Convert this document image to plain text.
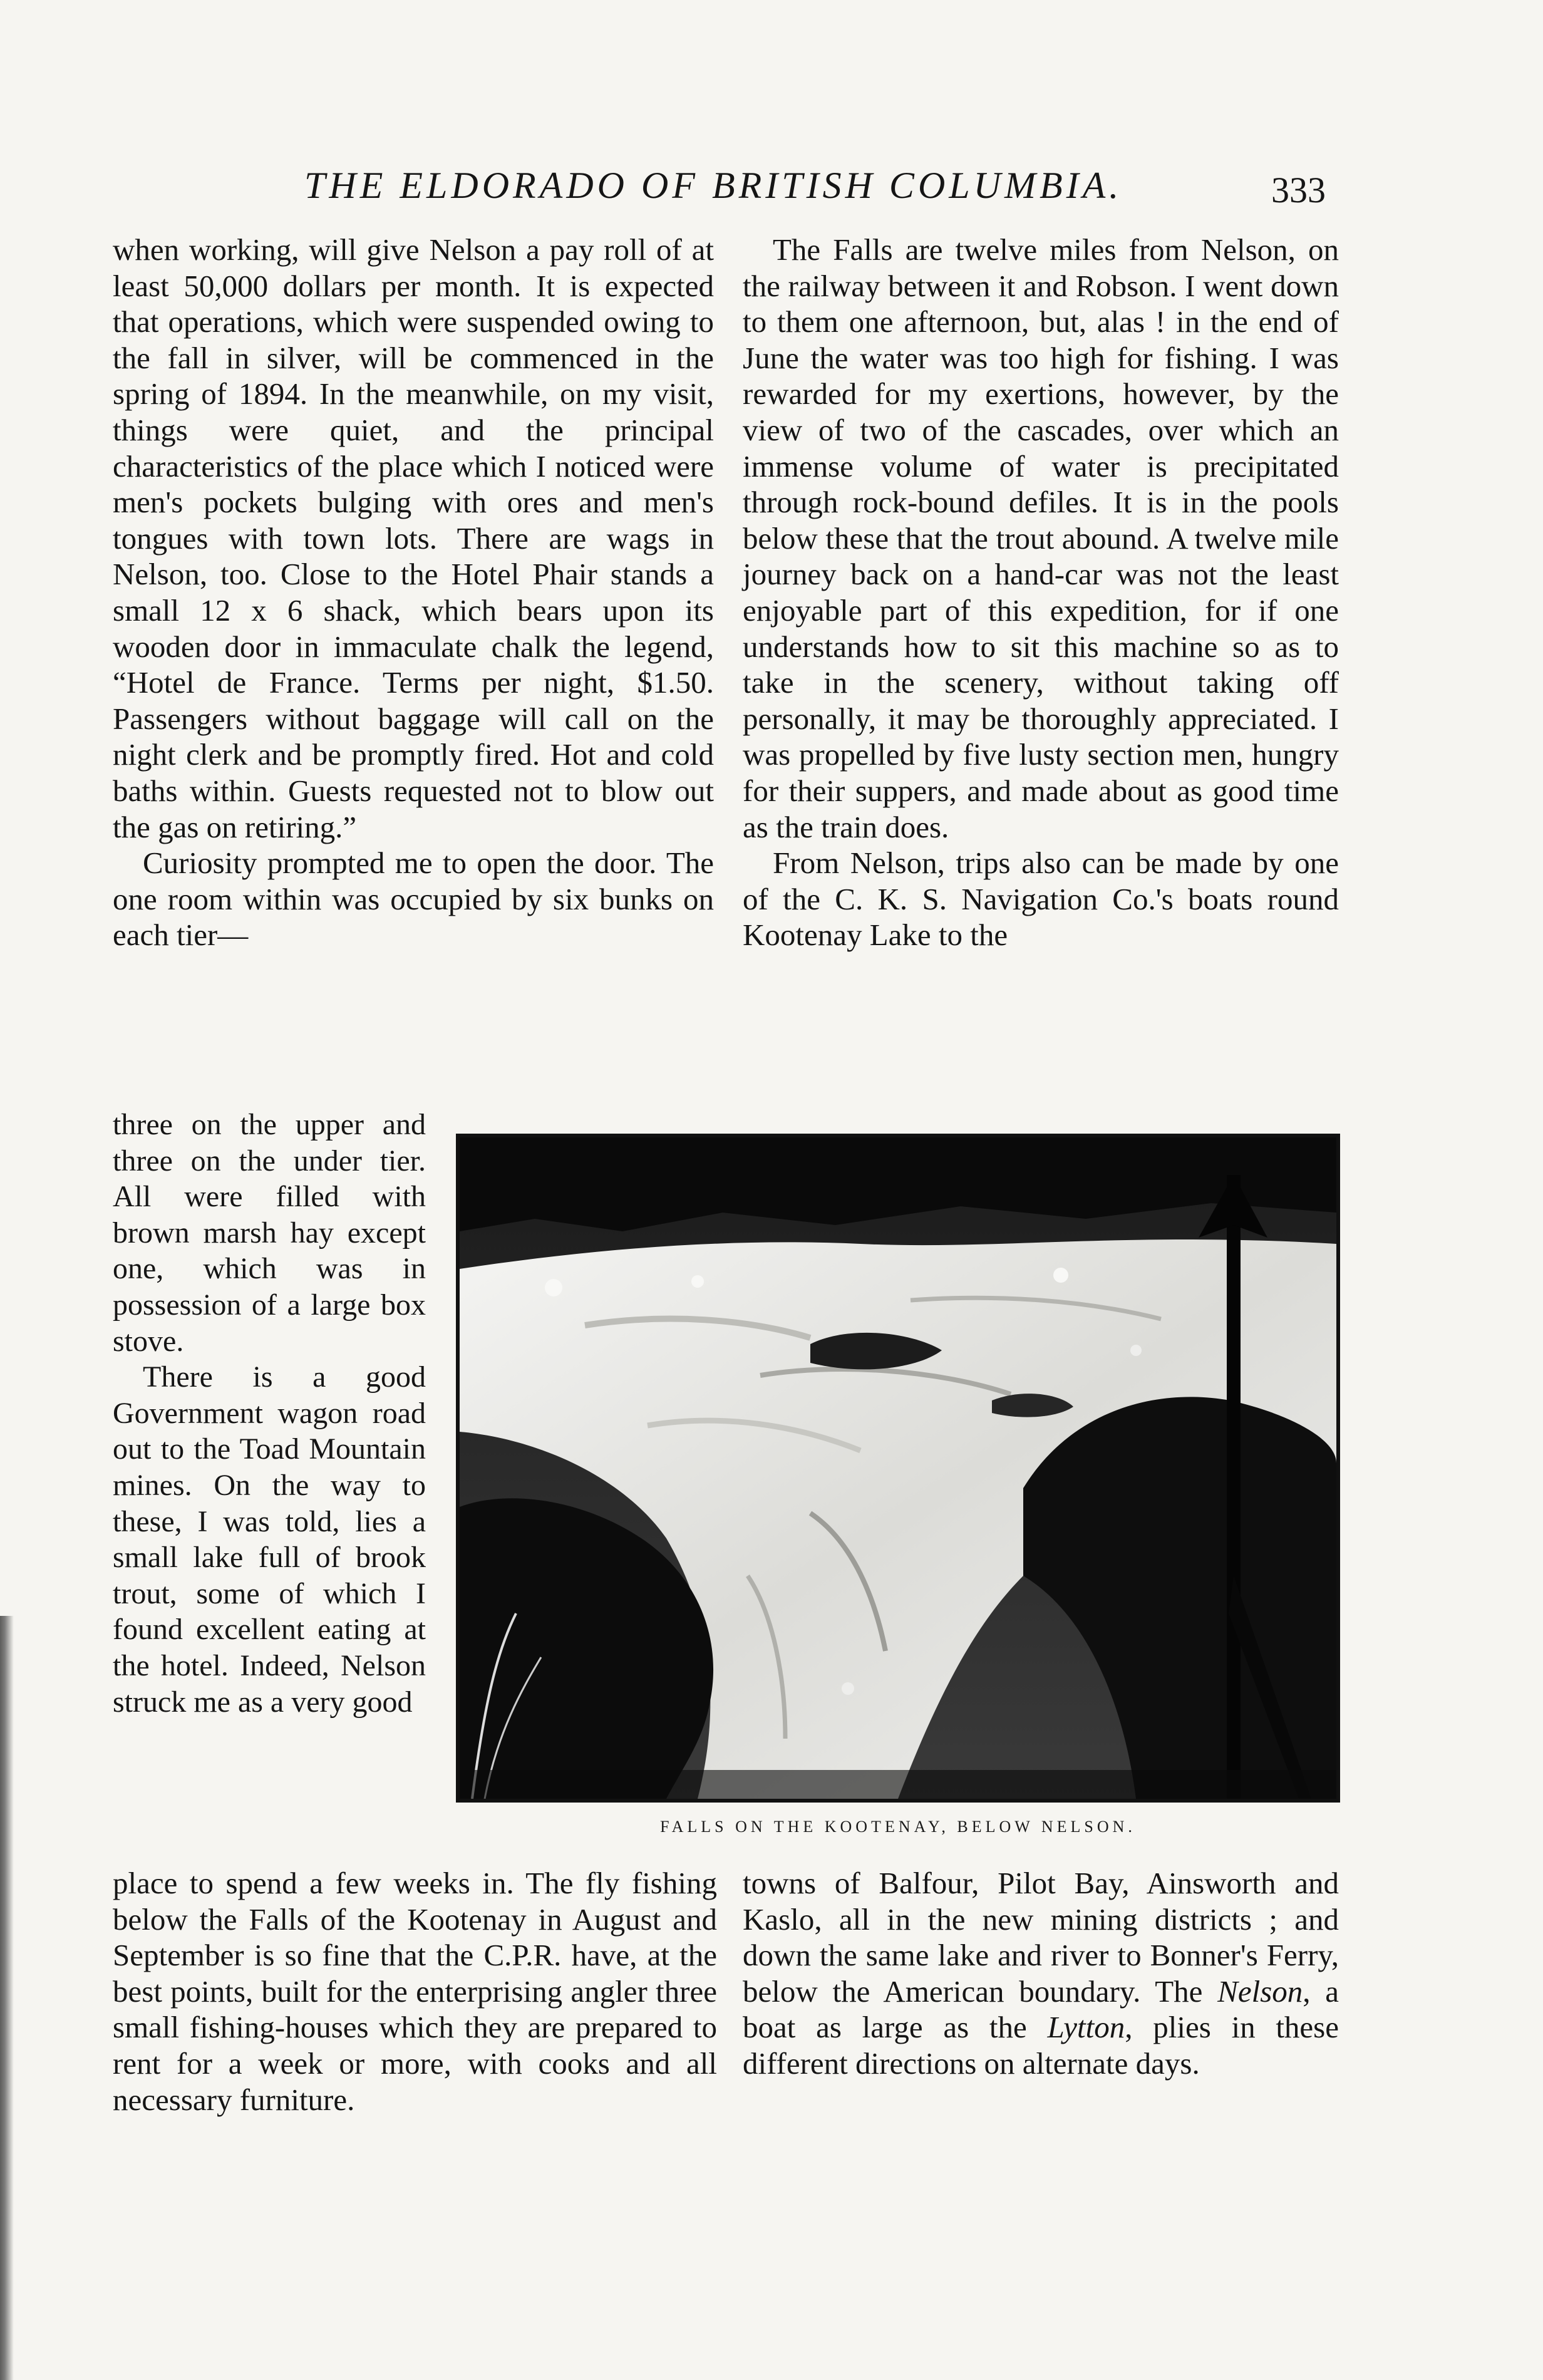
THE ELDORADO OF BRITISH COLUMBIA.	333

when working, will give Nelson a pay roll of at least 50,000 dollars per month. It is expected that operations, which were suspended owing to the fall in silver, will be commenced in the spring of 1894. In the meanwhile, on my visit, things were quiet, and the principal characteristics of the place which I noticed were men's pockets bulging with ores and men's tongues with town lots. There are wags in Nelson, too. Close to the Hotel Phair stands a small 12 x 6 shack, which bears upon its wooden door in immaculate chalk the legend, “Hotel de France. Terms per night, $1.50. Passengers without baggage will call on the night clerk and be promptly fired. Hot and cold baths within. Guests requested not to blow out the gas on retiring.”

Curiosity prompted me to open the door. The one room within was occupied by six bunks on each tier—

The Falls are twelve miles from Nelson, on the railway between it and Robson. I went down to them one afternoon, but, alas ! in the end of June the water was too high for fishing. I was rewarded for my exertions, however, by the view of two of the cascades, over which an immense volume of water is precipitated through rock-bound defiles. It is in the pools below these that the trout abound. A twelve mile journey back on a hand-car was not the least enjoyable part of this expedition, for if one understands how to sit this machine so as to take in the scenery, without taking off personally, it may be thoroughly appreciated. I was propelled by five lusty section men, hungry for their suppers, and made about as good time as the train does.

From Nelson, trips also can be made by one of the C. K. S. Navigation Co.'s boats round Kootenay Lake to the

three on the upper and three on the under tier. All were filled with brown marsh hay except one, which was in possession of a large box stove.

There is a good Government wagon road out to the Toad Mountain mines. On the way to these, I was told, lies a small lake full of brook trout, some of which I found excellent eating at the hotel. Indeed, Nelson struck me as a very good

FALLS ON THE KOOTENAY, BELOW NELSON.

place to spend a few weeks in. The fly fishing below the Falls of the Kootenay in August and September is so fine that the C.P.R. have, at the best points, built for the enterprising angler three small fishing-houses which they are prepared to rent for a week or more, with cooks and all necessary furniture.

towns of Balfour, Pilot Bay, Ainsworth and Kaslo, all in the new mining districts ; and down the same lake and river to Bonner's Ferry, below the American boundary. The Nelson, a boat as large as the Lytton, plies in these different directions on alternate days.
